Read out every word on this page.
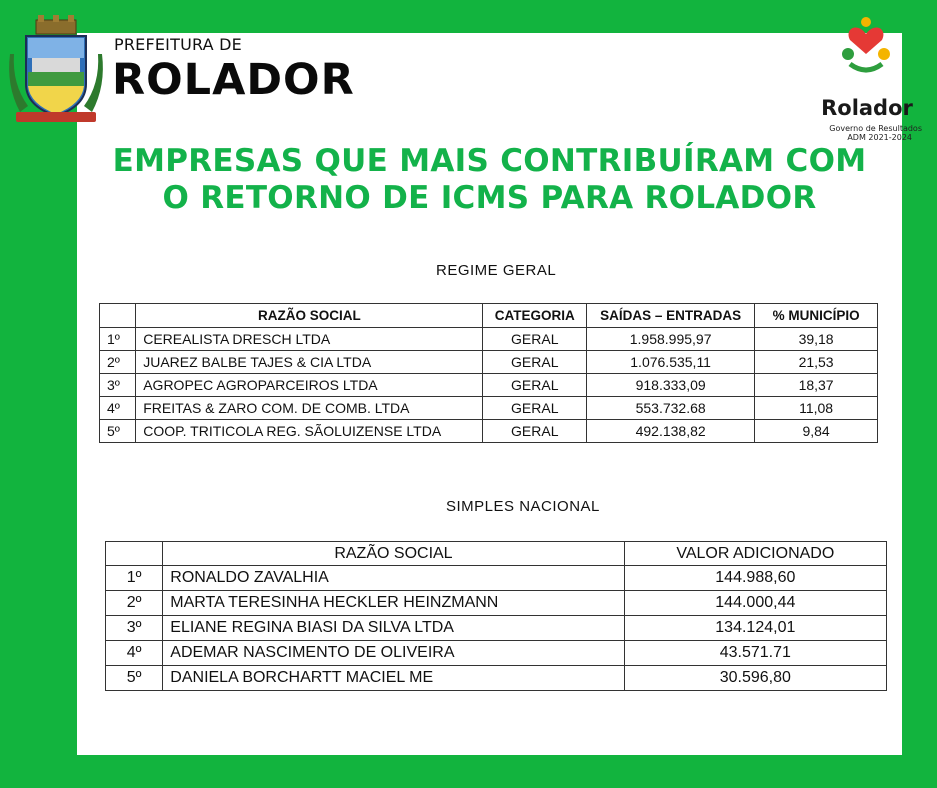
PREFEITURA DE
ROLADOR
Rolador
Governo de Resultados
ADM 2021-2024
EMPRESAS QUE MAIS CONTRIBUÍRAM COM
O RETORNO DE ICMS PARA ROLADOR
REGIME GERAL
	RAZÃO SOCIAL	CATEGORIA	SAÍDAS – ENTRADAS	% MUNICÍPIO
1º	CEREALISTA DRESCH LTDA	GERAL	1.958.995,97	39,18
2º	JUAREZ BALBE TAJES & CIA LTDA	GERAL	1.076.535,11	21,53
3º	AGROPEC AGROPARCEIROS LTDA	GERAL	918.333,09	18,37
4º	FREITAS & ZARO COM. DE COMB. LTDA	GERAL	553.732.68	11,08
5º	COOP. TRITICOLA REG. SÃOLUIZENSE LTDA	GERAL	492.138,82	9,84
SIMPLES NACIONAL
	RAZÃO SOCIAL	VALOR ADICIONADO
1º	RONALDO ZAVALHIA	144.988,60
2º	MARTA TERESINHA HECKLER HEINZMANN	144.000,44
3º	ELIANE REGINA BIASI DA SILVA LTDA	134.124,01
4º	ADEMAR NASCIMENTO DE OLIVEIRA	43.571.71
5º	DANIELA BORCHARTT MACIEL ME	30.596,80
